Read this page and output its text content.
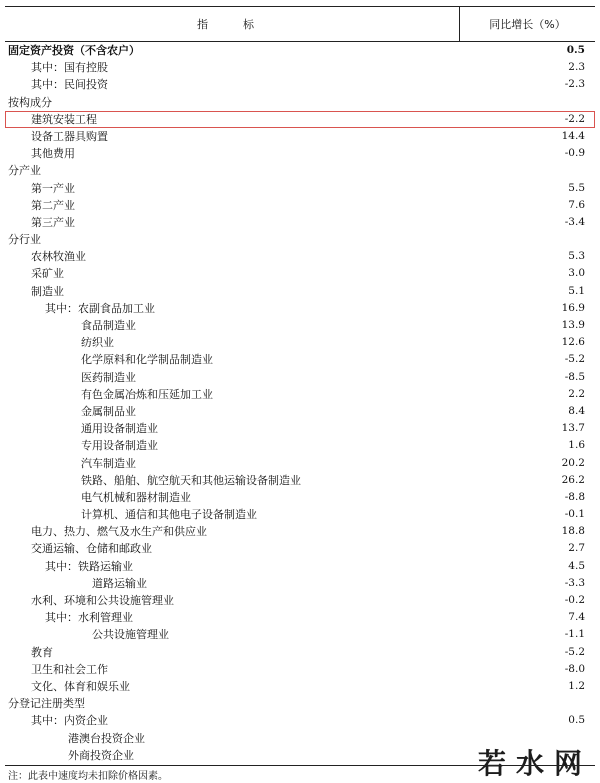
指　标	同比增长（%）
固定资产投资（不含农户）	0.5
其中：国有控股	2.3
其中：民间投资	-2.3
按构成分
建筑安装工程	-2.2
设备工器具购置	14.4
其他费用	-0.9
分产业
第一产业	5.5
第二产业	7.6
第三产业	-3.4
分行业
农林牧渔业	5.3
采矿业	3.0
制造业	5.1
其中：农副食品加工业	16.9
食品制造业	13.9
纺织业	12.6
化学原料和化学制品制造业	-5.2
医药制造业	-8.5
有色金属冶炼和压延加工业	2.2
金属制品业	8.4
通用设备制造业	13.7
专用设备制造业	1.6
汽车制造业	20.2
铁路、船舶、航空航天和其他运输设备制造业	26.2
电气机械和器材制造业	-8.8
计算机、通信和其他电子设备制造业	-0.1
电力、热力、燃气及水生产和供应业	18.8
交通运输、仓储和邮政业	2.7
其中：铁路运输业	4.5
道路运输业	-3.3
水利、环境和公共设施管理业	-0.2
其中：水利管理业	7.4
公共设施管理业	-1.1
教育	-5.2
卫生和社会工作	-8.0
文化、体育和娱乐业	1.2
分登记注册类型
其中：内资企业	0.5
港澳台投资企业
外商投资企业	若水网
注：此表中速度均未扣除价格因素。
